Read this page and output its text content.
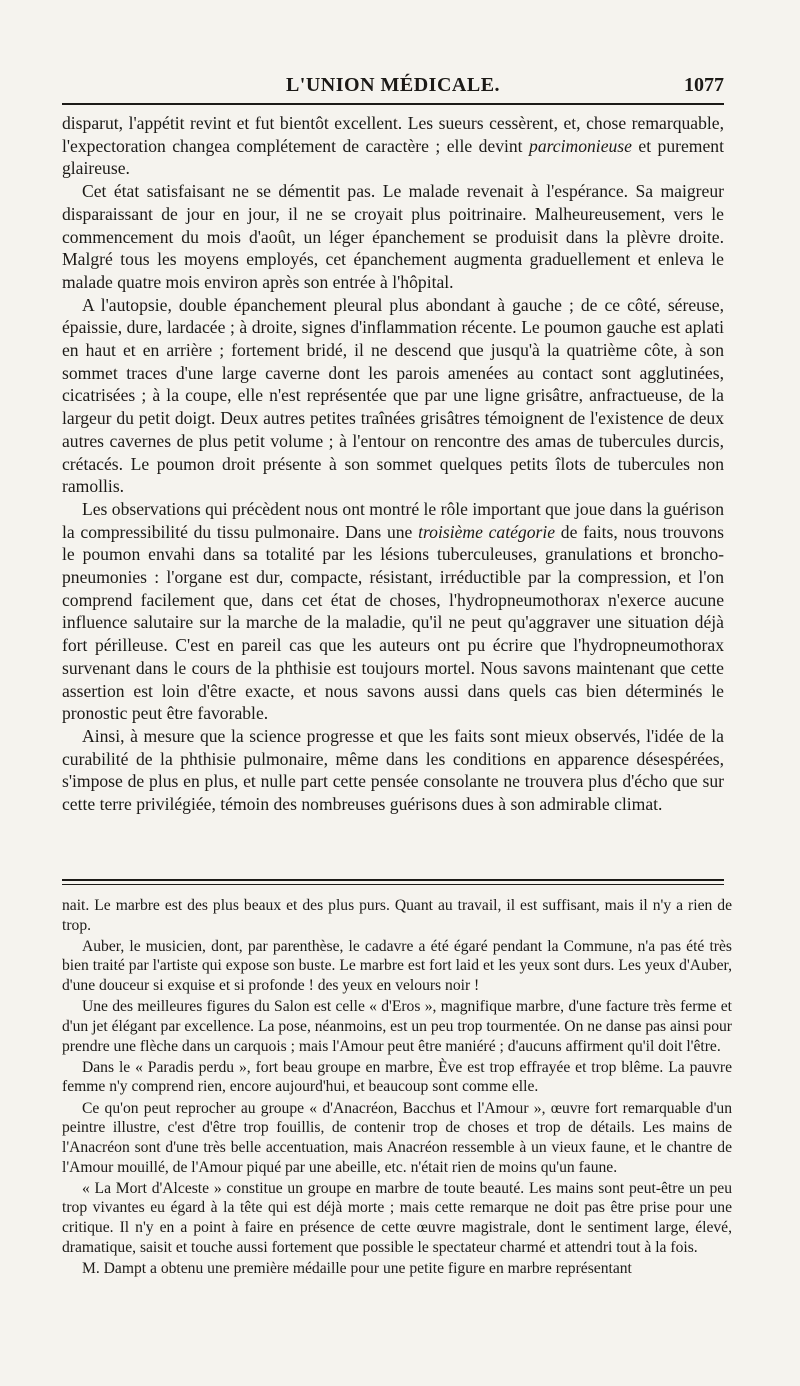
L'UNION MÉDICALE.	1077

disparut, l'appétit revint et fut bientôt excellent. Les sueurs cessèrent, et, chose remarquable, l'expectoration changea complétement de caractère ; elle devint parcimonieuse et purement glaireuse.

Cet état satisfaisant ne se démentit pas. Le malade revenait à l'espérance. Sa maigreur disparaissant de jour en jour, il ne se croyait plus poitrinaire. Malheureusement, vers le commencement du mois d'août, un léger épanchement se produisit dans la plèvre droite. Malgré tous les moyens employés, cet épanchement augmenta graduellement et enleva le malade quatre mois environ après son entrée à l'hôpital.

A l'autopsie, double épanchement pleural plus abondant à gauche ; de ce côté, séreuse, épaissie, dure, lardacée ; à droite, signes d'inflammation récente. Le poumon gauche est aplati en haut et en arrière ; fortement bridé, il ne descend que jusqu'à la quatrième côte, à son sommet traces d'une large caverne dont les parois amenées au contact sont agglutinées, cicatrisées ; à la coupe, elle n'est représentée que par une ligne grisâtre, anfractueuse, de la largeur du petit doigt. Deux autres petites traînées grisâtres témoignent de l'existence de deux autres cavernes de plus petit volume ; à l'entour on rencontre des amas de tubercules durcis, crétacés. Le poumon droit présente à son sommet quelques petits îlots de tubercules non ramollis.

Les observations qui précèdent nous ont montré le rôle important que joue dans la guérison la compressibilité du tissu pulmonaire. Dans une troisième catégorie de faits, nous trouvons le poumon envahi dans sa totalité par les lésions tuberculeuses, granulations et broncho-pneumonies : l'organe est dur, compacte, résistant, irréductible par la compression, et l'on comprend facilement que, dans cet état de choses, l'hydropneumothorax n'exerce aucune influence salutaire sur la marche de la maladie, qu'il ne peut qu'aggraver une situation déjà fort périlleuse. C'est en pareil cas que les auteurs ont pu écrire que l'hydropneumothorax survenant dans le cours de la phthisie est toujours mortel. Nous savons maintenant que cette assertion est loin d'être exacte, et nous savons aussi dans quels cas bien déterminés le pronostic peut être favorable.

Ainsi, à mesure que la science progresse et que les faits sont mieux observés, l'idée de la curabilité de la phthisie pulmonaire, même dans les conditions en apparence désespérées, s'impose de plus en plus, et nulle part cette pensée consolante ne trouvera plus d'écho que sur cette terre privilégiée, témoin des nombreuses guérisons dues à son admirable climat.

nait. Le marbre est des plus beaux et des plus purs. Quant au travail, il est suffisant, mais il n'y a rien de trop.

Auber, le musicien, dont, par parenthèse, le cadavre a été égaré pendant la Commune, n'a pas été très bien traité par l'artiste qui expose son buste. Le marbre est fort laid et les yeux sont durs. Les yeux d'Auber, d'une douceur si exquise et si profonde ! des yeux en velours noir !

Une des meilleures figures du Salon est celle « d'Eros », magnifique marbre, d'une facture très ferme et d'un jet élégant par excellence. La pose, néanmoins, est un peu trop tourmentée. On ne danse pas ainsi pour prendre une flèche dans un carquois ; mais l'Amour peut être maniéré ; d'aucuns affirment qu'il doit l'être.

Dans le « Paradis perdu », fort beau groupe en marbre, Ève est trop effrayée et trop blême. La pauvre femme n'y comprend rien, encore aujourd'hui, et beaucoup sont comme elle.

Ce qu'on peut reprocher au groupe « d'Anacréon, Bacchus et l'Amour », œuvre fort remarquable d'un peintre illustre, c'est d'être trop fouillis, de contenir trop de choses et trop de détails. Les mains de l'Anacréon sont d'une très belle accentuation, mais Anacréon ressemble à un vieux faune, et le chantre de l'Amour mouillé, de l'Amour piqué par une abeille, etc. n'était rien de moins qu'un faune.

« La Mort d'Alceste » constitue un groupe en marbre de toute beauté. Les mains sont peut-être un peu trop vivantes eu égard à la tête qui est déjà morte ; mais cette remarque ne doit pas être prise pour une critique. Il n'y en a point à faire en présence de cette œuvre magistrale, dont le sentiment large, élevé, dramatique, saisit et touche aussi fortement que possible le spectateur charmé et attendri tout à la fois.

M. Dampt a obtenu une première médaille pour une petite figure en marbre représentant
